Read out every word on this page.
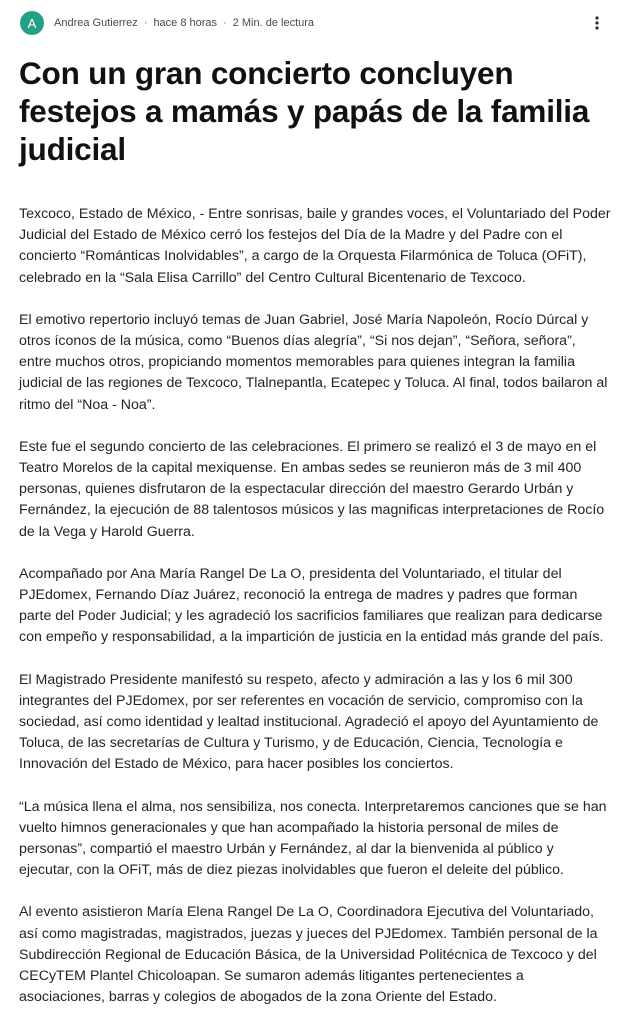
A Andrea Gutierrez · hace 8 horas · 2 Min. de lectura
Con un gran concierto concluyen festejos a mamás y papás de la familia judicial

Texcoco, Estado de México, - Entre sonrisas, baile y grandes voces, el Voluntariado del Poder Judicial del Estado de México cerró los festejos del Día de la Madre y del Padre con el concierto “Románticas Inolvidables”, a cargo de la Orquesta Filarmónica de Toluca (OFiT), celebrado en la “Sala Elisa Carrillo” del Centro Cultural Bicentenario de Texcoco.

El emotivo repertorio incluyó temas de Juan Gabriel, José María Napoleón, Rocío Dúrcal y otros íconos de la música, como “Buenos días alegría”, “Si nos dejan”, “Señora, señora”, entre muchos otros, propiciando momentos memorables para quienes integran la familia judicial de las regiones de Texcoco, Tlalnepantla, Ecatepec y Toluca. Al final, todos bailaron al ritmo del “Noa - Noa”.

Este fue el segundo concierto de las celebraciones. El primero se realizó el 3 de mayo en el Teatro Morelos de la capital mexiquense. En ambas sedes se reunieron más de 3 mil 400 personas, quienes disfrutaron de la espectacular dirección del maestro Gerardo Urbán y Fernández, la ejecución de 88 talentosos músicos y las magnificas interpretaciones de Rocío de la Vega y Harold Guerra.

Acompañado por Ana María Rangel De La O, presidenta del Voluntariado, el titular del PJEdomex, Fernando Díaz Juárez, reconoció la entrega de madres y padres que forman parte del Poder Judicial; y les agradeció los sacrificios familiares que realizan para dedicarse con empeño y responsabilidad, a la impartición de justicia en la entidad más grande del país.

El Magistrado Presidente manifestó su respeto, afecto y admiración a las y los 6 mil 300 integrantes del PJEdomex, por ser referentes en vocación de servicio, compromiso con la sociedad, así como identidad y lealtad institucional. Agradeció el apoyo del Ayuntamiento de Toluca, de las secretarías de Cultura y Turismo, y de Educación, Ciencia, Tecnología e Innovación del Estado de México, para hacer posibles los conciertos.

“La música llena el alma, nos sensibiliza, nos conecta. Interpretaremos canciones que se han vuelto himnos generacionales y que han acompañado la historia personal de miles de personas”, compartió el maestro Urbán y Fernández, al dar la bienvenida al público y ejecutar, con la OFiT, más de diez piezas inolvidables que fueron el deleite del público.

Al evento asistieron María Elena Rangel De La O, Coordinadora Ejecutiva del Voluntariado, así como magistradas, magistrados, juezas y jueces del PJEdomex. También personal de la Subdirección Regional de Educación Básica, de la Universidad Politécnica de Texcoco y del CECyTEM Plantel Chicoloapan. Se sumaron además litigantes pertenecientes a asociaciones, barras y colegios de abogados de la zona Oriente del Estado.
